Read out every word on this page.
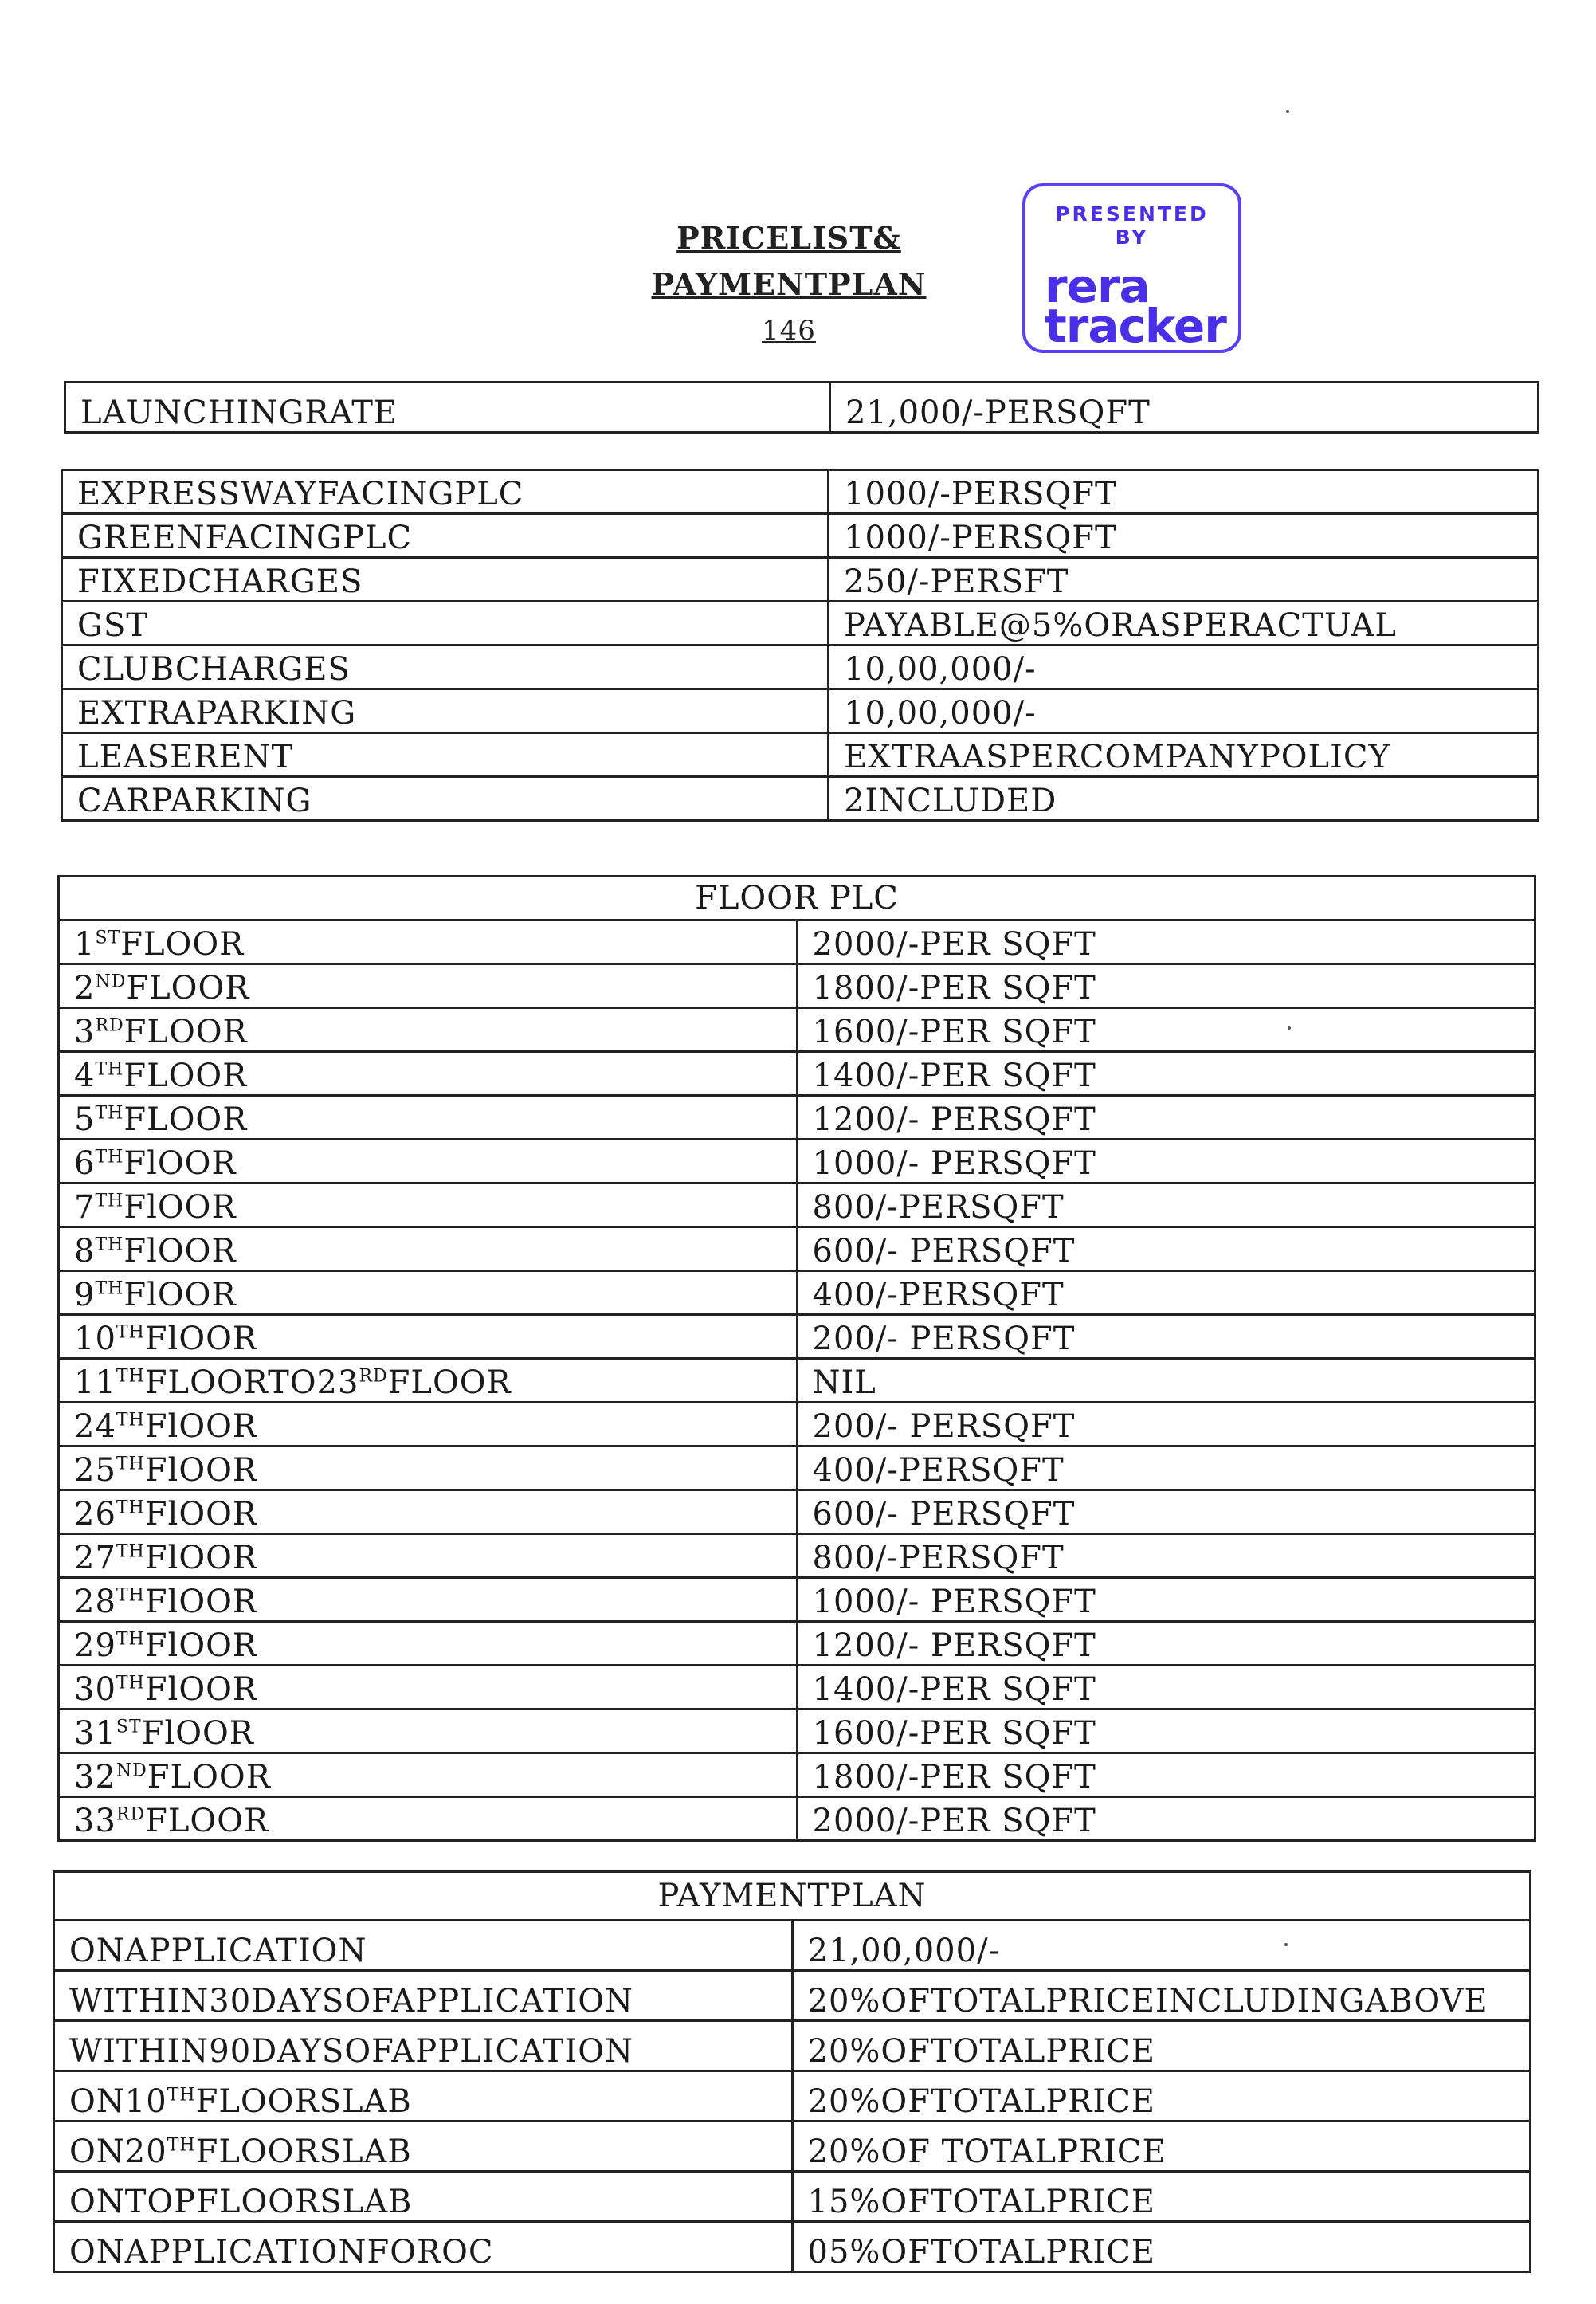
PRICELIST&
PAYMENTPLAN
146
PRESENTED BY
rera
tracker
LAUNCHINGRATE	21,000/-PERSQFT
EXPRESSWAYFACINGPLC	1000/-PERSQFT
GREENFACINGPLC	1000/-PERSQFT
FIXEDCHARGES	250/-PERSFT
GST	PAYABLE@5%ORASPERACTUAL
CLUBCHARGES	10,00,000/-
EXTRAPARKING	10,00,000/-
LEASERENT	EXTRAASPERCOMPANYPOLICY
CARPARKING	2INCLUDED
FLOOR PLC	
1STFLOOR	2000/-PER SQFT
2NDFLOOR	1800/-PER SQFT
3RDFLOOR	1600/-PER SQFT
4THFLOOR	1400/-PER SQFT
5THFLOOR	1200/- PERSQFT
6THFlOOR	1000/- PERSQFT
7THFlOOR	800/-PERSQFT
8THFlOOR	600/- PERSQFT
9THFlOOR	400/-PERSQFT
10THFlOOR	200/- PERSQFT
11THFLOORTO23RDFLOOR	NIL
24THFlOOR	200/- PERSQFT
25THFlOOR	400/-PERSQFT
26THFlOOR	600/- PERSQFT
27THFlOOR	800/-PERSQFT
28THFlOOR	1000/- PERSQFT
29THFlOOR	1200/- PERSQFT
30THFlOOR	1400/-PER SQFT
31STFlOOR	1600/-PER SQFT
32NDFLOOR	1800/-PER SQFT
33RDFLOOR	2000/-PER SQFT
PAYMENTPLAN	
ONAPPLICATION	21,00,000/-
WITHIN30DAYSOFAPPLICATION	20%OFTOTALPRICEINCLUDINGABOVE
WITHIN90DAYSOFAPPLICATION	20%OFTOTALPRICE
ON10THFLOORSLAB	20%OFTOTALPRICE
ON20THFLOORSLAB	20%OF TOTALPRICE
ONTOPFLOORSLAB	15%OFTOTALPRICE
ONAPPLICATIONFOROC	05%OFTOTALPRICE
